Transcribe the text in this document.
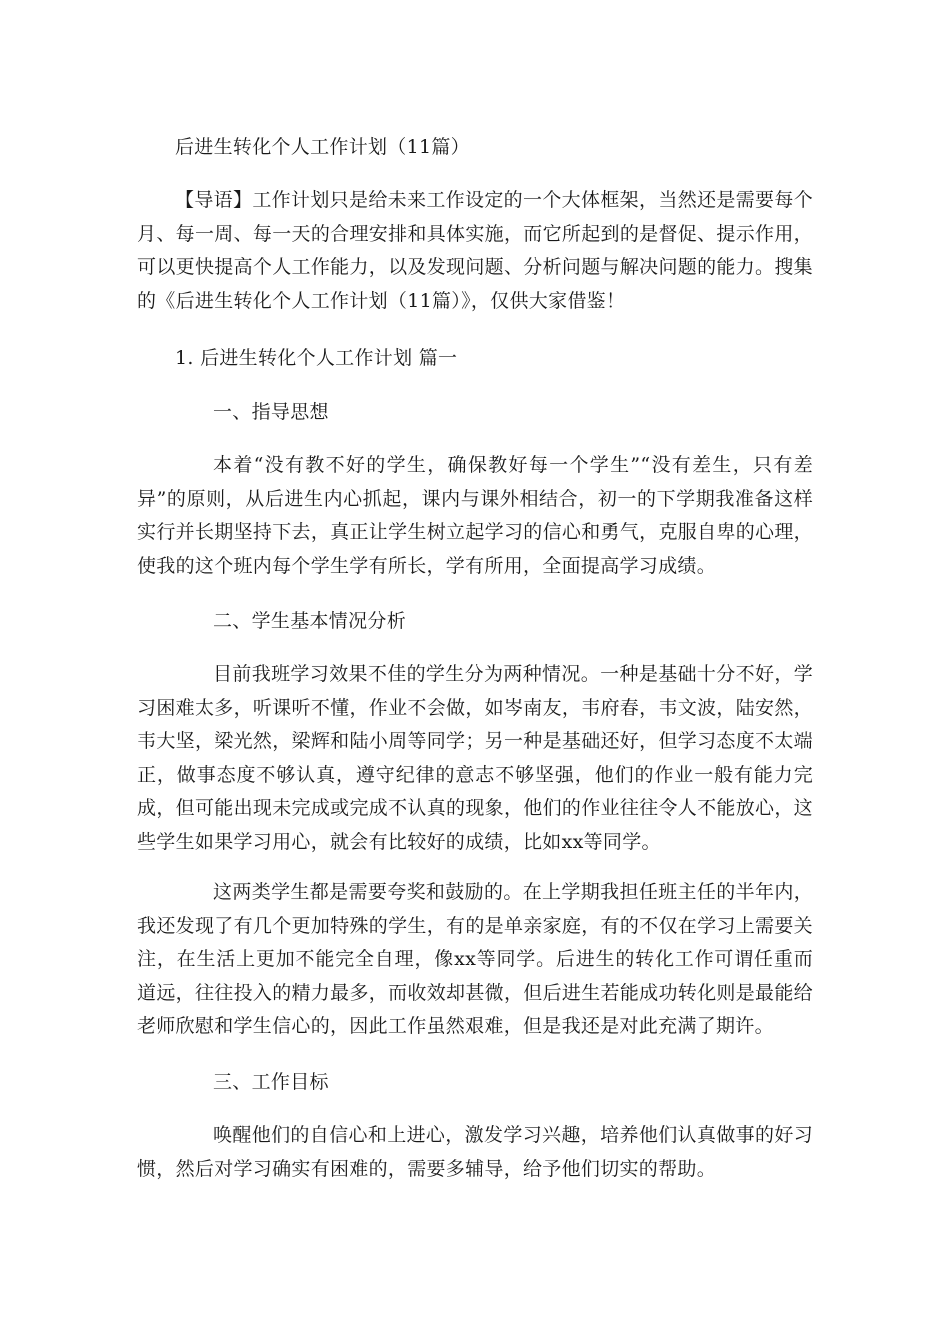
后进生转化个人工作计划（11篇）
【导语】工作计划只是给未来工作设定的一个大体框架，当然还是需要每个月、每一周、每一天的合理安排和具体实施，而它所起到的是督促、提示作用，可以更快提高个人工作能力，以及发现问题、分析问题与解决问题的能力。搜集的《后进生转化个人工作计划（11篇）》，仅供大家借鉴！
1. 后进生转化个人工作计划 篇一
一、指导思想
本着“没有教不好的学生，确保教好每一个学生”“没有差生，只有差异”的原则，从后进生内心抓起，课内与课外相结合，初一的下学期我准备这样实行并长期坚持下去，真正让学生树立起学习的信心和勇气，克服自卑的心理，使我的这个班内每个学生学有所长，学有所用，全面提高学习成绩。
二、学生基本情况分析
目前我班学习效果不佳的学生分为两种情况。一种是基础十分不好，学习困难太多，听课听不懂，作业不会做，如岑南友，韦府春，韦文波，陆安然，韦大坚，梁光然，梁辉和陆小周等同学；另一种是基础还好，但学习态度不太端正，做事态度不够认真，遵守纪律的意志不够坚强，他们的作业一般有能力完成，但可能出现未完成或完成不认真的现象，他们的作业往往令人不能放心，这些学生如果学习用心，就会有比较好的成绩，比如xx等同学。
这两类学生都是需要夸奖和鼓励的。在上学期我担任班主任的半年内，我还发现了有几个更加特殊的学生，有的是单亲家庭，有的不仅在学习上需要关注，在生活上更加不能完全自理，像xx等同学。后进生的转化工作可谓任重而道远，往往投入的精力最多，而收效却甚微，但后进生若能成功转化则是最能给老师欣慰和学生信心的，因此工作虽然艰难，但是我还是对此充满了期许。
三、工作目标
唤醒他们的自信心和上进心，激发学习兴趣，培养他们认真做事的好习惯，然后对学习确实有困难的，需要多辅导，给予他们切实的帮助。
